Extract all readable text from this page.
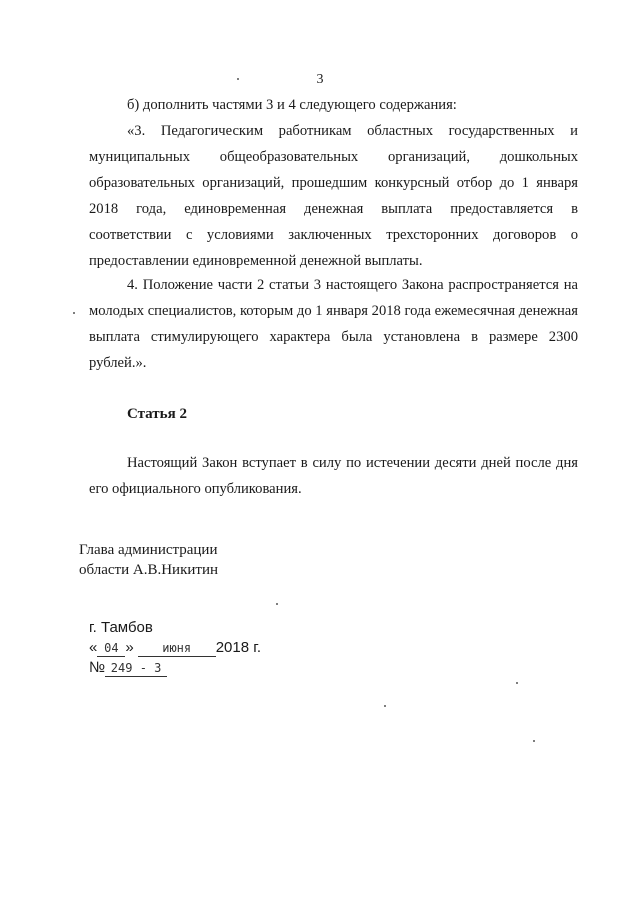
3

б) дополнить частями 3 и 4 следующего содержания:

«3. Педагогическим работникам областных государственных и муниципальных общеобразовательных организаций, дошкольных образовательных организаций, прошедшим конкурсный отбор до 1 января 2018 года, единовременная денежная выплата предоставляется в соответствии с условиями заключенных трехсторонних договоров о предоставлении единовременной денежной выплаты.

4. Положение части 2 статьи 3 настоящего Закона распространяется на молодых специалистов, которым до 1 января 2018 года ежемесячная денежная выплата стимулирующего характера была установлена в размере 2300 рублей.».

Статья 2

Настоящий Закон вступает в силу по истечении десяти дней после дня его официального опубликования.

Глава администрации
области А.В.Никитин
г. Тамбов
« 04 » июня 2018 г.
№ 249 - З
